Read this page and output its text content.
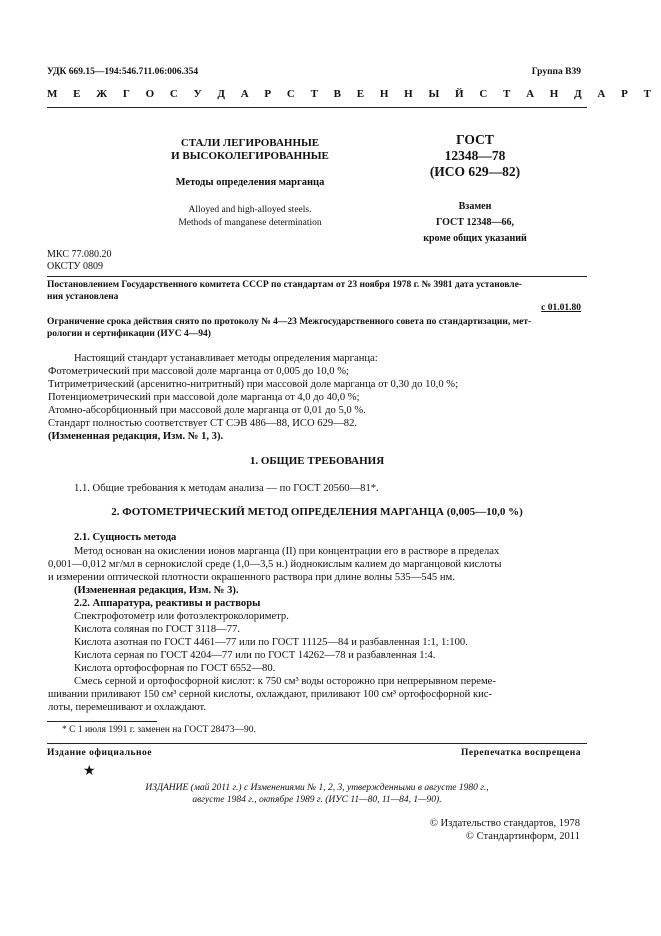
УДК 669.15—194:546.711.06:006.354	Группа В39
М Е Ж Г О С У Д А Р С Т В Е Н Н Ы Й С Т А Н Д А Р Т
СТАЛИ ЛЕГИРОВАННЫЕ
И ВЫСОКОЛЕГИРОВАННЫЕ
Методы определения марганца
Alloyed and high-alloyed steels.
Methods of manganese determination
ГОСТ
12348—78
(ИСО 629—82)
Взамен
ГОСТ 12348—66,
кроме общих указаний
МКС 77.080.20
ОКСТУ 0809
Постановлением Государственного комитета СССР по стандартам от 23 ноября 1978 г. № 3981 дата установле-
ния установлена
с 01.01.80
Ограничение срока действия снято по протоколу № 4—23 Межгосударственного совета по стандартизации, мет-
рологии и сертификации (ИУС 4—94)
Настоящий стандарт устанавливает методы определения марганца:
Фотометрический при массовой доле марганца от 0,005 до 10,0 %;
Титриметрический (арсенитно-нитритный) при массовой доле марганца от 0,30 до 10,0 %;
Потенциометрический при массовой доле марганца от 4,0 до 40,0 %;
Атомно-абсорбционный при массовой доле марганца от 0,01 до 5,0 %.
Стандарт полностью соответствует СТ СЭВ 486—88, ИСО 629—82.
(Измененная редакция, Изм. № 1, 3).
1. ОБЩИЕ ТРЕБОВАНИЯ
1.1. Общие требования к методам анализа — по ГОСТ 20560—81*.
2. ФОТОМЕТРИЧЕСКИЙ МЕТОД ОПРЕДЕЛЕНИЯ МАРГАНЦА (0,005—10,0 %)
2.1. Сущность метода
Метод основан на окислении ионов марганца (II) при концентрации его в растворе в пределах
0,001—0,012 мг/мл в сернокислой среде (1,0—3,5 н.) йоднокислым калием до марганцовой кислоты
и измерении оптической плотности окрашенного раствора при длине волны 535—545 нм.
(Измененная редакция, Изм. № 3).
2.2. Аппаратура, реактивы и растворы
Спектрофотометр или фотоэлектроколориметр.
Кислота соляная по ГОСТ 3118—77.
Кислота азотная по ГОСТ 4461—77 или по ГОСТ 11125—84 и разбавленная 1:1, 1:100.
Кислота серная по ГОСТ 4204—77 или по ГОСТ 14262—78 и разбавленная 1:4.
Кислота ортофосфорная по ГОСТ 6552—80.
Смесь серной и ортофосфорной кислот: к 750 см³ воды осторожно при непрерывном переме-
шивании приливают 150 см³ серной кислоты, охлаждают, приливают 100 см³ ортофосфорной кис-
лоты, перемешивают и охлаждают.
* С 1 июля 1991 г. заменен на ГОСТ 28473—90.
Издание официальное	Перепечатка воспрещена
★
ИЗДАНИЕ (май 2011 г.) с Изменениями № 1, 2, 3, утвержденными в августе 1980 г.,
августе 1984 г., октябре 1989 г. (ИУС 11—80, 11—84, 1—90).
© Издательство стандартов, 1978
© Стандартинформ, 2011
